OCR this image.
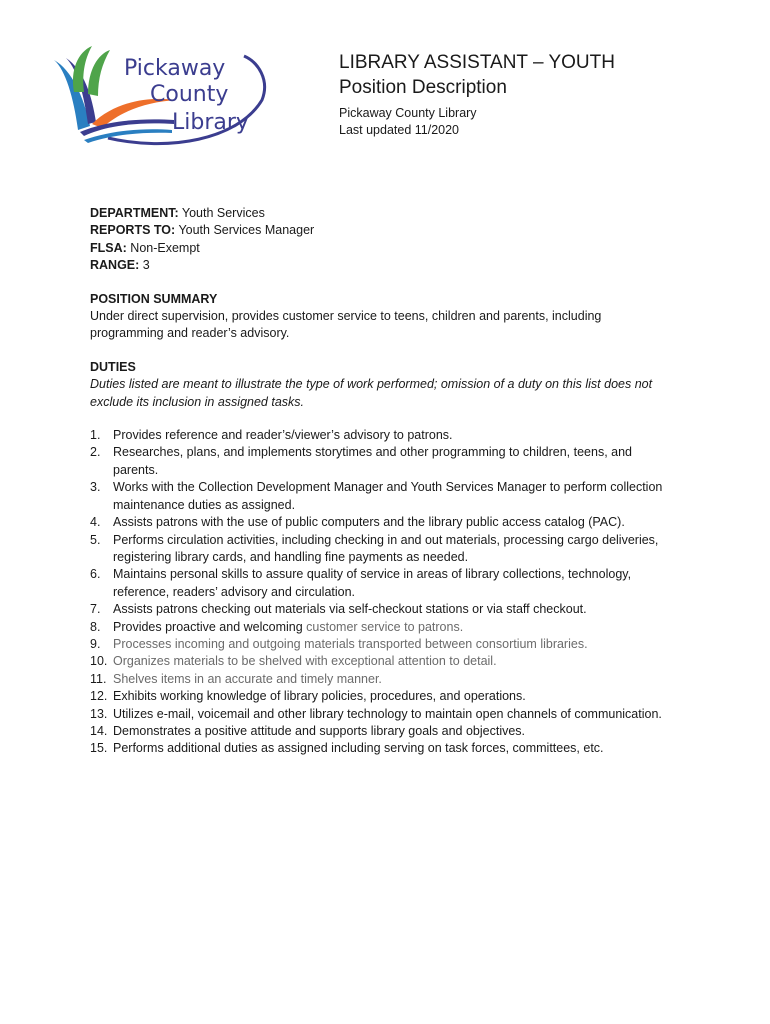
Pickaway
County
Library
LIBRARY ASSISTANT – YOUTH
Position Description
Pickaway County Library
Last updated 11/2020
DEPARTMENT: Youth Services
REPORTS TO: Youth Services Manager
FLSA: Non-Exempt
RANGE: 3
POSITION SUMMARY
Under direct supervision, provides customer service to teens, children and parents, including
programming and reader’s advisory.
DUTIES
Duties listed are meant to illustrate the type of work performed; omission of a duty on this list does not
exclude its inclusion in assigned tasks.
1.	Provides reference and reader’s/viewer’s advisory to patrons.
2.	Researches, plans, and implements storytimes and other programming to children, teens, and
parents.
3.	Works with the Collection Development Manager and Youth Services Manager to perform collection
maintenance duties as assigned.
4.	Assists patrons with the use of public computers and the library public access catalog (PAC).
5.	Performs circulation activities, including checking in and out materials, processing cargo deliveries,
registering library cards, and handling fine payments as needed.
6.	Maintains personal skills to assure quality of service in areas of library collections, technology,
reference, readers’ advisory and circulation.
7.	Assists patrons checking out materials via self-checkout stations or via staff checkout.
8.	Provides proactive and welcoming customer service to patrons.
9.	Processes incoming and outgoing materials transported between consortium libraries.
10. Organizes materials to be shelved with exceptional attention to detail.
11. Shelves items in an accurate and timely manner.
12. Exhibits working knowledge of library policies, procedures, and operations.
13. Utilizes e-mail, voicemail and other library technology to maintain open channels of communication.
14. Demonstrates a positive attitude and supports library goals and objectives.
15. Performs additional duties as assigned including serving on task forces, committees, etc.
